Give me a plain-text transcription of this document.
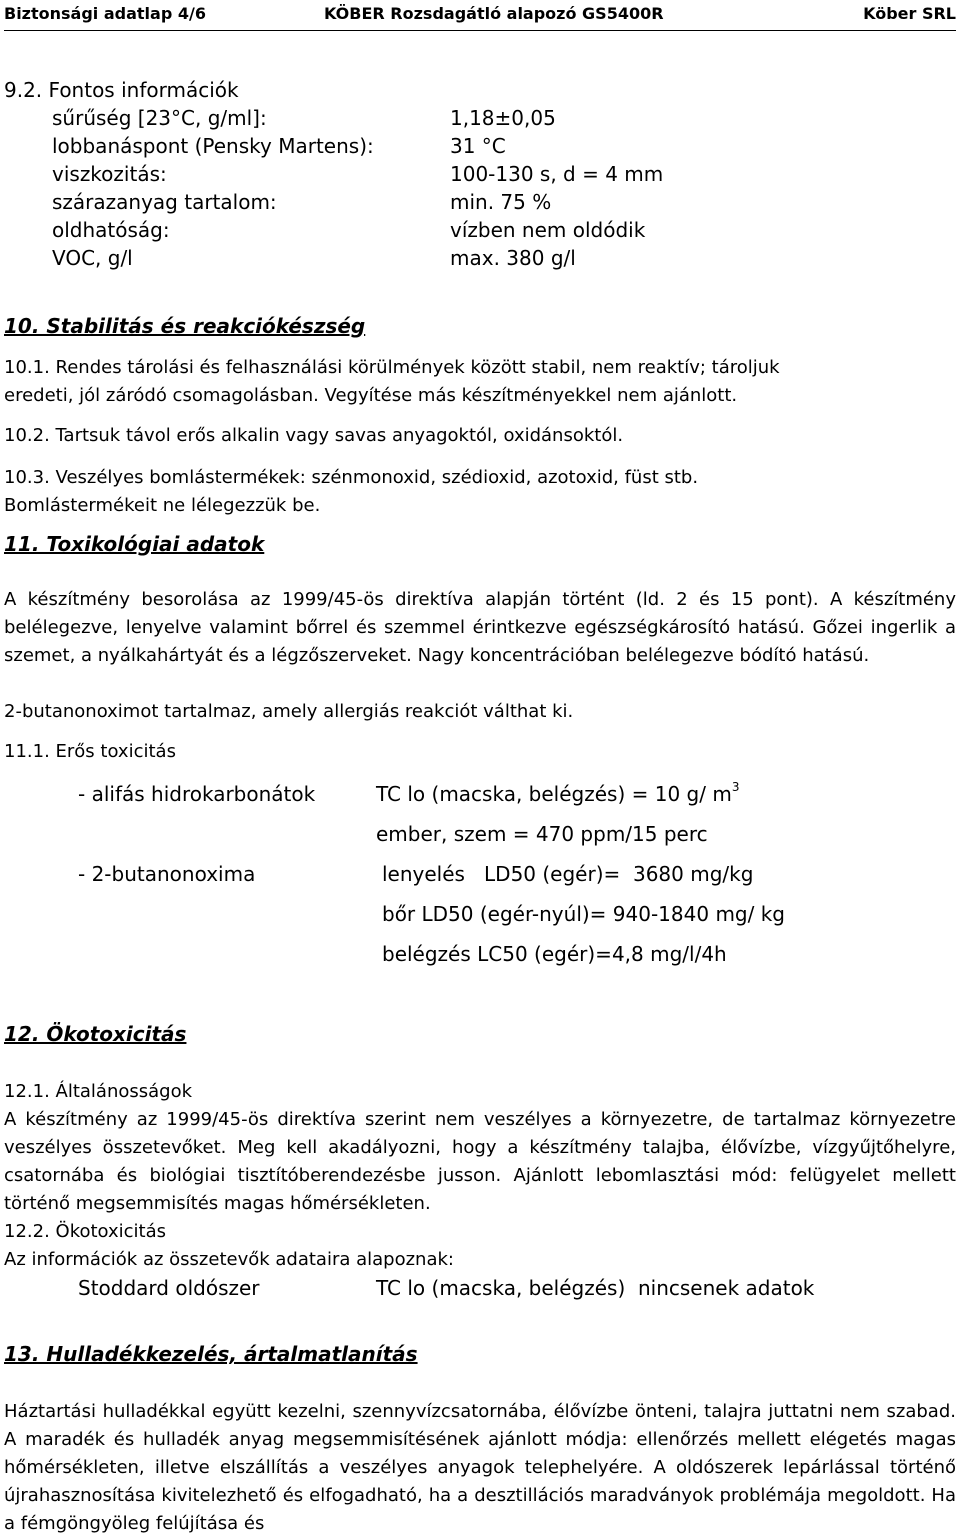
Biztonsági adatlap 4/6	KÖBER Rozsdagátló alapozó GS5400R	Köber SRL
9.2. Fontos információk
sűrűség [23°C, g/ml]:	1,18±0,05
lobbanáspont (Pensky Martens):	31 °C
viszkozitás:	100-130 s, d = 4 mm
szárazanyag tartalom:	min. 75 %
oldhatóság:	vízben nem oldódik
VOC, g/l	max. 380 g/l
10. Stabilitás és reakciókészség
10.1. Rendes tárolási és felhasználási körülmények között stabil, nem reaktív; tároljuk
eredeti, jól záródó csomagolásban. Vegyítése más készítményekkel nem ajánlott.
10.2. Tartsuk távol erős alkalin vagy savas anyagoktól, oxidánsoktól.
10.3. Veszélyes bomlástermékek: szénmonoxid, szédioxid, azotoxid, füst stb.
Bomlástermékeit ne lélegezzük be.
11. Toxikológiai adatok

A készítmény besorolása az 1999/45-ös direktíva alapján történt (ld. 2 és 15 pont). A készítmény belélegezve, lenyelve valamint bőrrel és szemmel érintkezve egészségkárosító hatású. Gőzei ingerlik a szemet, a nyálkahártyát és a légzőszerveket. Nagy koncentrációban belélegezve bódító hatású.

2-butanonoximot tartalmaz, amely allergiás reakciót válthat ki.
11.1. Erős toxicitás
- alifás hidrokarbonátok	TC lo (macska, belégzés) = 10 g/ $m^3$
ember, szem = 470 ppm/15 perc
- 2-butanonoxima	lenyelés   LD50 (egér)=  3680 mg/kg
bőr LD50 (egér-nyúl)= 940-1840 mg/ kg
belégzés LC50 (egér)=4,8 mg/l/4h
12. Ökotoxicitás
12.1. Általánosságok

A készítmény az 1999/45-ös direktíva szerint nem veszélyes a környezetre, de tartalmaz környezetre veszélyes összetevőket. Meg kell akadályozni, hogy a készítmény talajba, élővízbe, vízgyűjtőhelyre, csatornába és biológiai tisztítóberendezésbe jusson. Ajánlott lebomlasztási mód: felügyelet mellett történő megsemmisítés magas hőmérsékleten.

12.2. Ökotoxicitás
Az információk az összetevők adataira alapoznak:
Stoddard oldószer	TC lo (macska, belégzés)  nincsenek adatok
13. Hulladékkezelés, ártalmatlanítás

Háztartási hulladékkal együtt kezelni, szennyvízcsatornába, élővízbe önteni, talajra juttatni nem szabad. A maradék és hulladék anyag megsemmisítésének ajánlott módja: ellenőrzés mellett elégetés magas hőmérsékleten, illetve elszállítás a veszélyes anyagok telephelyére. A oldószerek lepárlással történő újrahasznosítása kivitelezhető és elfogadható, ha a desztillációs maradványok problémája megoldott. Ha a fémgöngyöleg felújítása és
